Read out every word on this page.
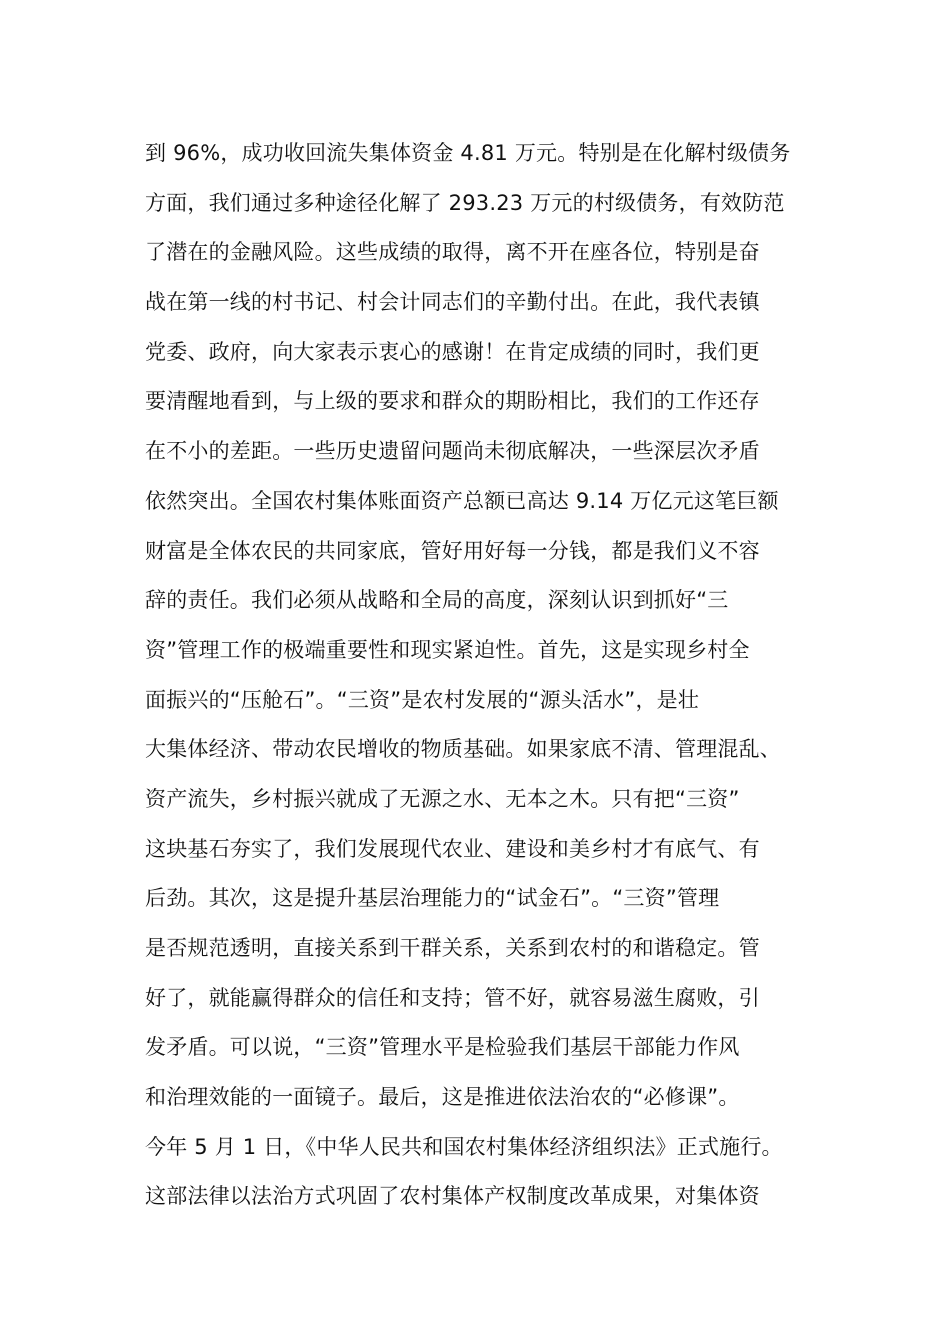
到 96%，成功收回流失集体资金 4.81 万元。特别是在化解村级债务
方面，我们通过多种途径化解了 293.23 万元的村级债务，有效防范
了潜在的金融风险。这些成绩的取得，离不开在座各位，特别是奋
战在第一线的村书记、村会计同志们的辛勤付出。在此，我代表镇
党委、政府，向大家表示衷心的感谢！在肯定成绩的同时，我们更
要清醒地看到，与上级的要求和群众的期盼相比，我们的工作还存
在不小的差距。一些历史遗留问题尚未彻底解决，一些深层次矛盾
依然突出。全国农村集体账面资产总额已高达 9.14 万亿元这笔巨额
财富是全体农民的共同家底，管好用好每一分钱，都是我们义不容
辞的责任。我们必须从战略和全局的高度，深刻认识到抓好“三
资”管理工作的极端重要性和现实紧迫性。首先，这是实现乡村全
面振兴的“压舱石”。“三资”是农村发展的“源头活水”，是壮
大集体经济、带动农民增收的物质基础。如果家底不清、管理混乱、
资产流失，乡村振兴就成了无源之水、无本之木。只有把“三资”
这块基石夯实了，我们发展现代农业、建设和美乡村才有底气、有
后劲。其次，这是提升基层治理能力的“试金石”。“三资”管理
是否规范透明，直接关系到干群关系，关系到农村的和谐稳定。管
好了，就能赢得群众的信任和支持；管不好，就容易滋生腐败，引
发矛盾。可以说，“三资”管理水平是检验我们基层干部能力作风
和治理效能的一面镜子。最后，这是推进依法治农的“必修课”。
今年 5 月 1 日，《中华人民共和国农村集体经济组织法》正式施行。
这部法律以法治方式巩固了农村集体产权制度改革成果，对集体资
